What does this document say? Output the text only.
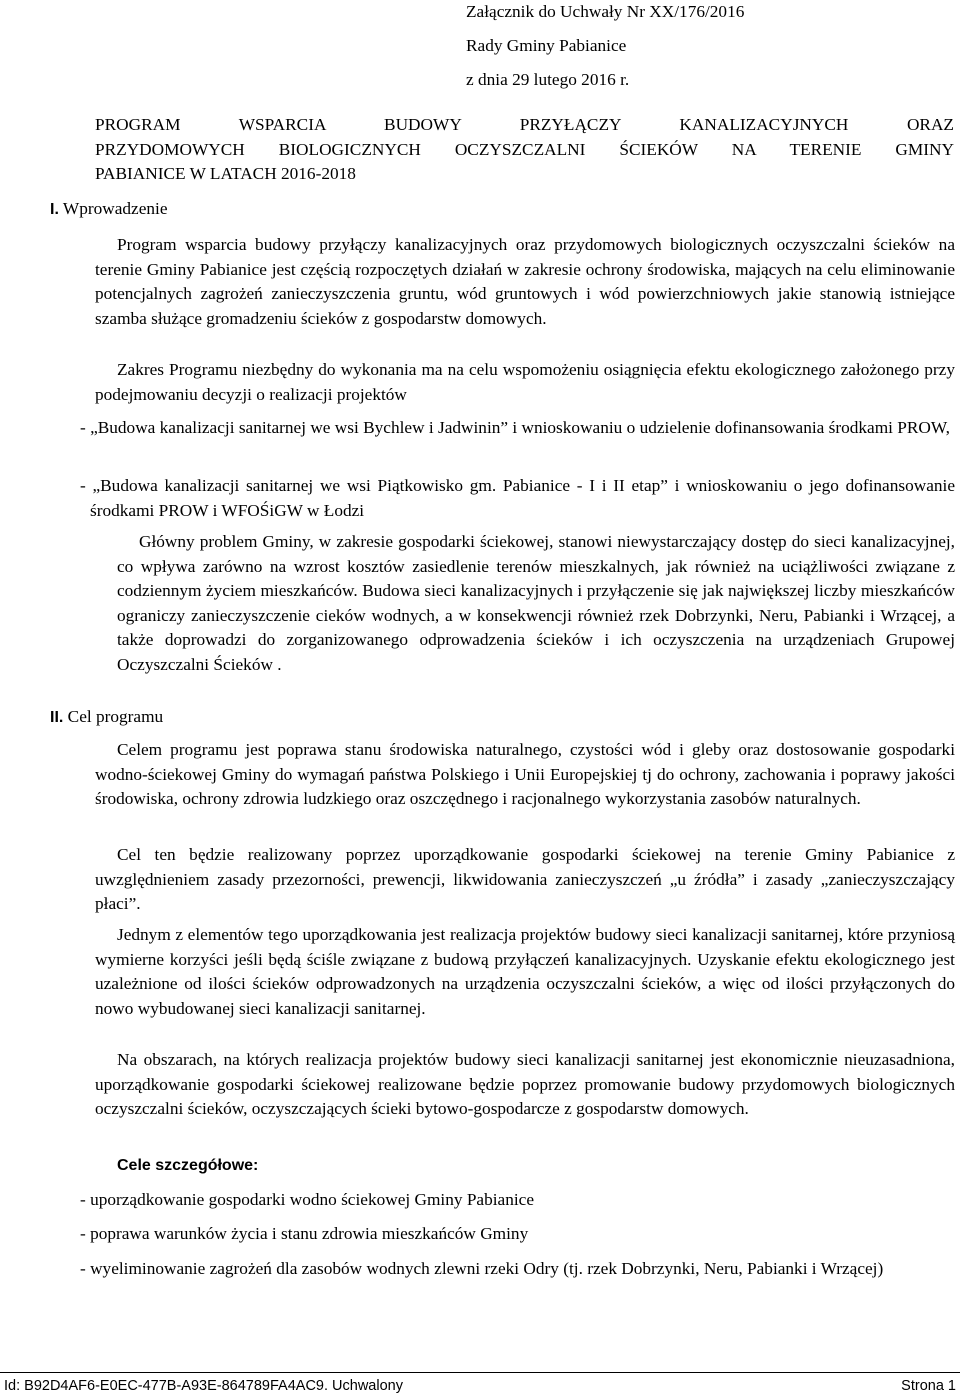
Załącznik do Uchwały Nr XX/176/2016

Rady Gminy Pabianice

z dnia 29 lutego 2016 r.

PROGRAM WSPARCIA BUDOWY PRZYŁĄCZY KANALIZACYJNYCH ORAZ

PRZYDOMOWYCH BIOLOGICZNYCH OCZYSZCZALNI ŚCIEKÓW NA TERENIE GMINY

PABIANICE W LATACH 2016-2018

I. Wprowadzenie

Program wsparcia budowy przyłączy kanalizacyjnych oraz przydomowych biologicznych oczyszczalni ścieków na terenie Gminy Pabianice jest częścią rozpoczętych działań w zakresie ochrony środowiska, mających na celu eliminowanie potencjalnych zagrożeń zanieczyszczenia gruntu, wód gruntowych i wód powierzchniowych jakie stanowią istniejące szamba służące gromadzeniu ścieków z gospodarstw domowych.

Zakres Programu niezbędny do wykonania ma na celu wspomożeniu osiągnięcia efektu ekologicznego założonego przy podejmowaniu decyzji o realizacji projektów

- „Budowa kanalizacji sanitarnej we wsi Bychlew i Jadwinin” i wnioskowaniu o udzielenie dofinansowania środkami PROW,

- „Budowa kanalizacji sanitarnej we wsi Piątkowisko gm. Pabianice - I i II etap” i wnioskowaniu o jego dofinansowanie środkami PROW i WFOŚiGW w Łodzi

Główny problem Gminy, w zakresie gospodarki ściekowej, stanowi niewystarczający dostęp do sieci kanalizacyjnej, co wpływa zarówno na wzrost kosztów zasiedlenie terenów mieszkalnych, jak również na uciążliwości związane z codziennym życiem mieszkańców. Budowa sieci kanalizacyjnych i przyłączenie się jak największej liczby mieszkańców ograniczy zanieczyszczenie cieków wodnych, a w konsekwencji również rzek Dobrzynki, Neru, Pabianki i Wrzącej, a także doprowadzi do zorganizowanego odprowadzenia ścieków i ich oczyszczenia na urządzeniach Grupowej Oczyszczalni Ścieków .

II. Cel programu

Celem programu jest poprawa stanu środowiska naturalnego, czystości wód i gleby oraz dostosowanie gospodarki wodno-ściekowej Gminy do wymagań państwa Polskiego i Unii Europejskiej tj do ochrony, zachowania i poprawy jakości środowiska, ochrony zdrowia ludzkiego oraz oszczędnego i racjonalnego wykorzystania zasobów naturalnych.

Cel ten będzie realizowany poprzez uporządkowanie gospodarki ściekowej na terenie Gminy Pabianice z uwzględnieniem zasady przezorności, prewencji, likwidowania zanieczyszczeń „u źródła” i zasady „zanieczyszczający płaci”.

Jednym z elementów tego uporządkowania jest realizacja projektów budowy sieci kanalizacji sanitarnej, które przyniosą wymierne korzyści jeśli będą ściśle związane z budową przyłączeń kanalizacyjnych. Uzyskanie efektu ekologicznego jest uzależnione od ilości ścieków odprowadzonych na urządzenia oczyszczalni ścieków, a więc od ilości przyłączonych do nowo wybudowanej sieci kanalizacji sanitarnej.

Na obszarach, na których realizacja projektów budowy sieci kanalizacji sanitarnej jest ekonomicznie nieuzasadniona, uporządkowanie gospodarki ściekowej realizowane będzie poprzez promowanie budowy przydomowych biologicznych oczyszczalni ścieków, oczyszczających ścieki bytowo-gospodarcze z gospodarstw domowych.

Cele szczegółowe:

- uporządkowanie gospodarki wodno ściekowej Gminy Pabianice

- poprawa warunków życia i stanu zdrowia mieszkańców Gminy

- wyeliminowanie zagrożeń dla zasobów wodnych zlewni rzeki Odry (tj. rzek Dobrzynki, Neru, Pabianki i Wrzącej)

Id: B92D4AF6-E0EC-477B-A93E-864789FA4AC9. Uchwalony	Strona 1
